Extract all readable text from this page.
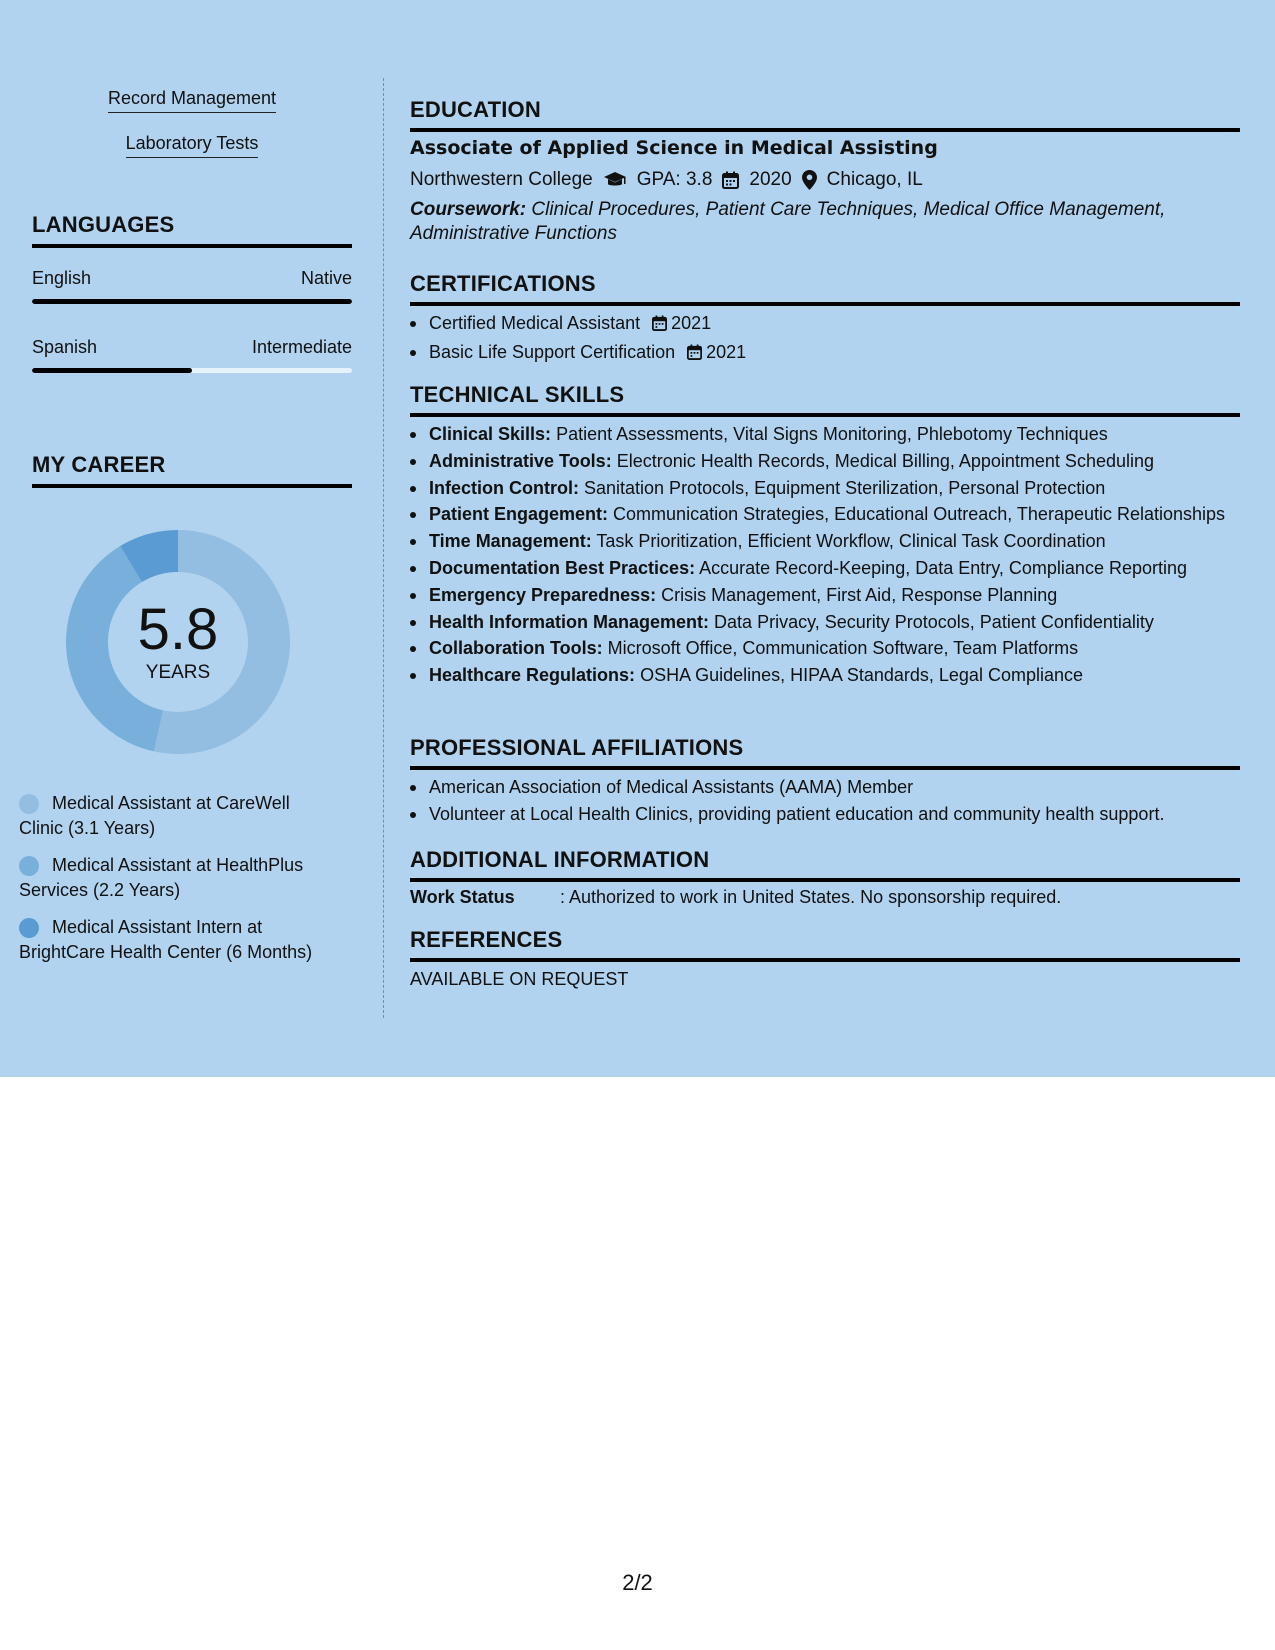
Record Management
Laboratory Tests
LANGUAGES
English	Native
Spanish	Intermediate
MY CAREER
5.8
YEARS
Medical Assistant at CareWell Clinic (3.1 Years)
Medical Assistant at HealthPlus Services (2.2 Years)
Medical Assistant Intern at BrightCare Health Center (6 Months)
EDUCATION
Associate of Applied Science in Medical Assisting
Northwestern College GPA: 3.8 2020 Chicago, IL
Coursework: Clinical Procedures, Patient Care Techniques, Medical Office Management, Administrative Functions
CERTIFICATIONS
Certified Medical Assistant 2021
Basic Life Support Certification 2021
TECHNICAL SKILLS
Clinical Skills: Patient Assessments, Vital Signs Monitoring, Phlebotomy Techniques
Administrative Tools: Electronic Health Records, Medical Billing, Appointment Scheduling
Infection Control: Sanitation Protocols, Equipment Sterilization, Personal Protection
Patient Engagement: Communication Strategies, Educational Outreach, Therapeutic Relationships
Time Management: Task Prioritization, Efficient Workflow, Clinical Task Coordination
Documentation Best Practices: Accurate Record-Keeping, Data Entry, Compliance Reporting
Emergency Preparedness: Crisis Management, First Aid, Response Planning
Health Information Management: Data Privacy, Security Protocols, Patient Confidentiality
Collaboration Tools: Microsoft Office, Communication Software, Team Platforms
Healthcare Regulations: OSHA Guidelines, HIPAA Standards, Legal Compliance
PROFESSIONAL AFFILIATIONS
American Association of Medical Assistants (AAMA) Member
Volunteer at Local Health Clinics, providing patient education and community health support.
ADDITIONAL INFORMATION
Work Status	: Authorized to work in United States. No sponsorship required.
REFERENCES
AVAILABLE ON REQUEST
2/2
